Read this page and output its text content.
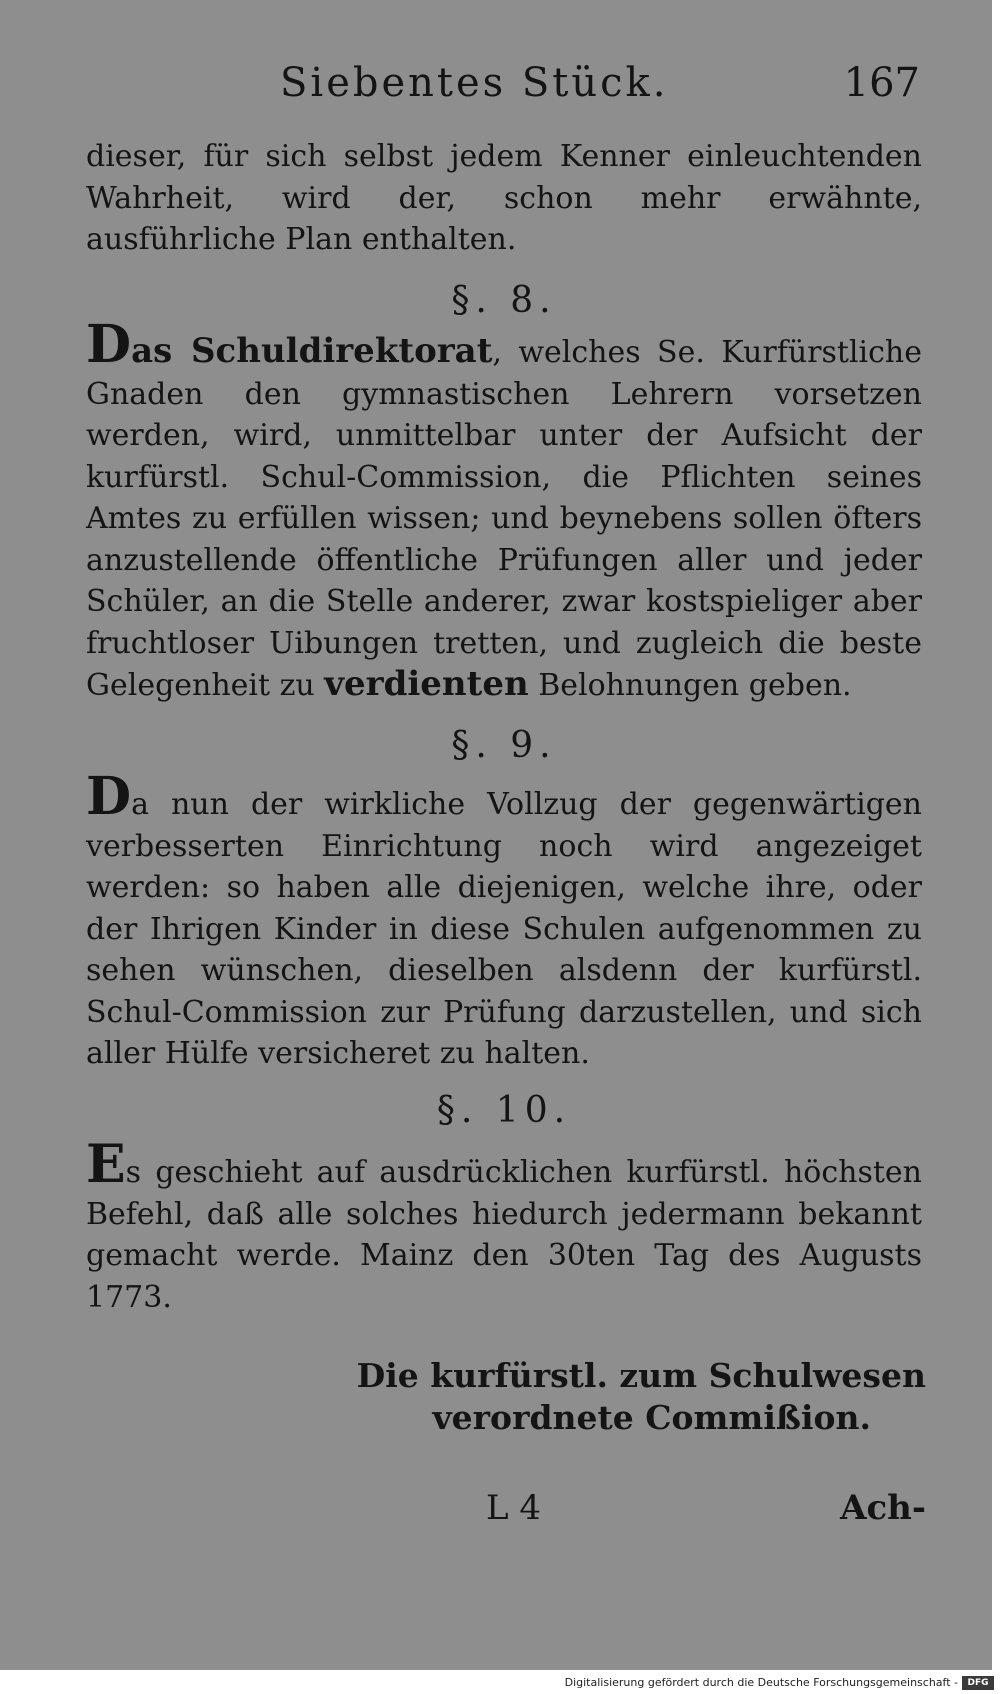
Siebentes Stück.	167

dieser, für sich selbst jedem Kenner einleuchtenden Wahrheit, wird der, schon mehr erwähnte, ausführliche Plan enthalten.

§. 8.

Das Schuldirektorat, welches Se. Kurfürstliche Gnaden den gymnastischen Lehrern vorsetzen werden, wird, unmittelbar unter der Aufsicht der kurfürstl. Schul-Commission, die Pflichten seines Amtes zu erfüllen wissen; und beynebens sollen öfters anzustellende öffentliche Prüfungen aller und jeder Schüler, an die Stelle anderer, zwar kostspieliger aber fruchtloser Uibungen tretten, und zugleich die beste Gelegenheit zu verdienten Belohnungen geben.

§. 9.

Da nun der wirkliche Vollzug der gegenwärtigen verbesserten Einrichtung noch wird angezeiget werden: so haben alle diejenigen, welche ihre, oder der Ihrigen Kinder in diese Schulen aufgenommen zu sehen wünschen, dieselben alsdenn der kurfürstl. Schul-Commission zur Prüfung darzustellen, und sich aller Hülfe versicheret zu halten.

§. 10.

Es geschieht auf ausdrücklichen kurfürstl. höchsten Befehl, daß alle solches hiedurch jedermann bekannt gemacht werde. Mainz den 30ten Tag des Augusts 1773.

Die kurfürstl. zum Schulwesen
verordnete Commißion.
L 4	Ach-
Digitalisierung gefördert durch die Deutsche Forschungsgemeinschaft -	DFG
